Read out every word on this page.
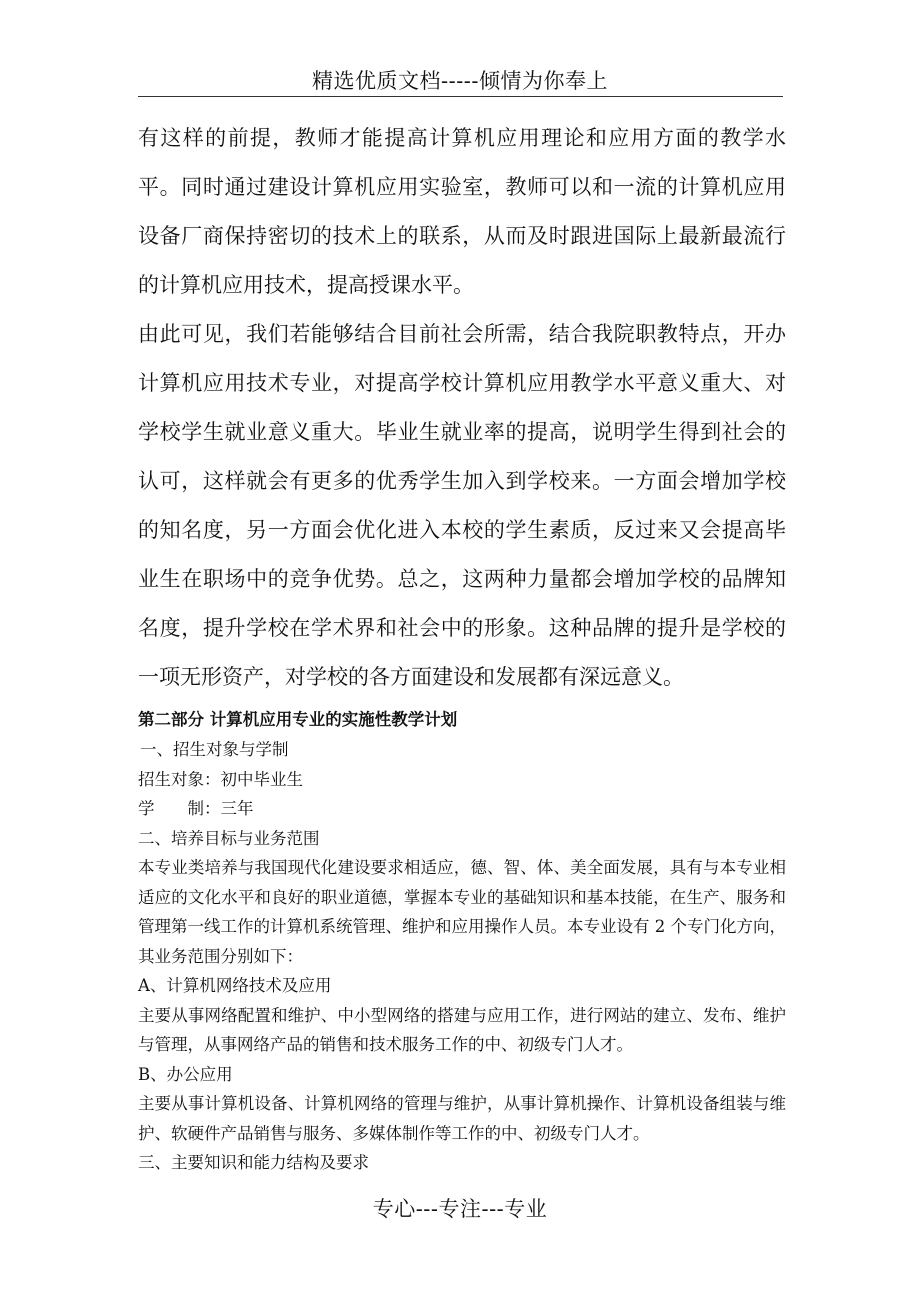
精选优质文档-----倾情为你奉上

有这样的前提，教师才能提高计算机应用理论和应用方面的教学水平。同时通过建设计算机应用实验室，教师可以和一流的计算机应用设备厂商保持密切的技术上的联系，从而及时跟进国际上最新最流行的计算机应用技术，提高授课水平。

由此可见，我们若能够结合目前社会所需，结合我院职教特点，开办计算机应用技术专业，对提高学校计算机应用教学水平意义重大、对学校学生就业意义重大。毕业生就业率的提高，说明学生得到社会的认可，这样就会有更多的优秀学生加入到学校来。一方面会增加学校的知名度，另一方面会优化进入本校的学生素质，反过来又会提高毕业生在职场中的竞争优势。总之，这两种力量都会增加学校的品牌知名度，提升学校在学术界和社会中的形象。这种品牌的提升是学校的一项无形资产，对学校的各方面建设和发展都有深远意义。

第二部分 计算机应用专业的实施性教学计划

一、招生对象与学制

招生对象：初中毕业生

学　　制：三年

二、培养目标与业务范围

本专业类培养与我国现代化建设要求相适应，德、智、体、美全面发展，具有与本专业相适应的文化水平和良好的职业道德，掌握本专业的基础知识和基本技能，在生产、服务和管理第一线工作的计算机系统管理、维护和应用操作人员。本专业设有 2 个专门化方向，其业务范围分别如下：

A、计算机网络技术及应用

主要从事网络配置和维护、中小型网络的搭建与应用工作，进行网站的建立、发布、维护与管理，从事网络产品的销售和技术服务工作的中、初级专门人才。

B、办公应用

主要从事计算机设备、计算机网络的管理与维护，从事计算机操作、计算机设备组装与维护、软硬件产品销售与服务、多媒体制作等工作的中、初级专门人才。

三、主要知识和能力结构及要求

专心---专注---专业
